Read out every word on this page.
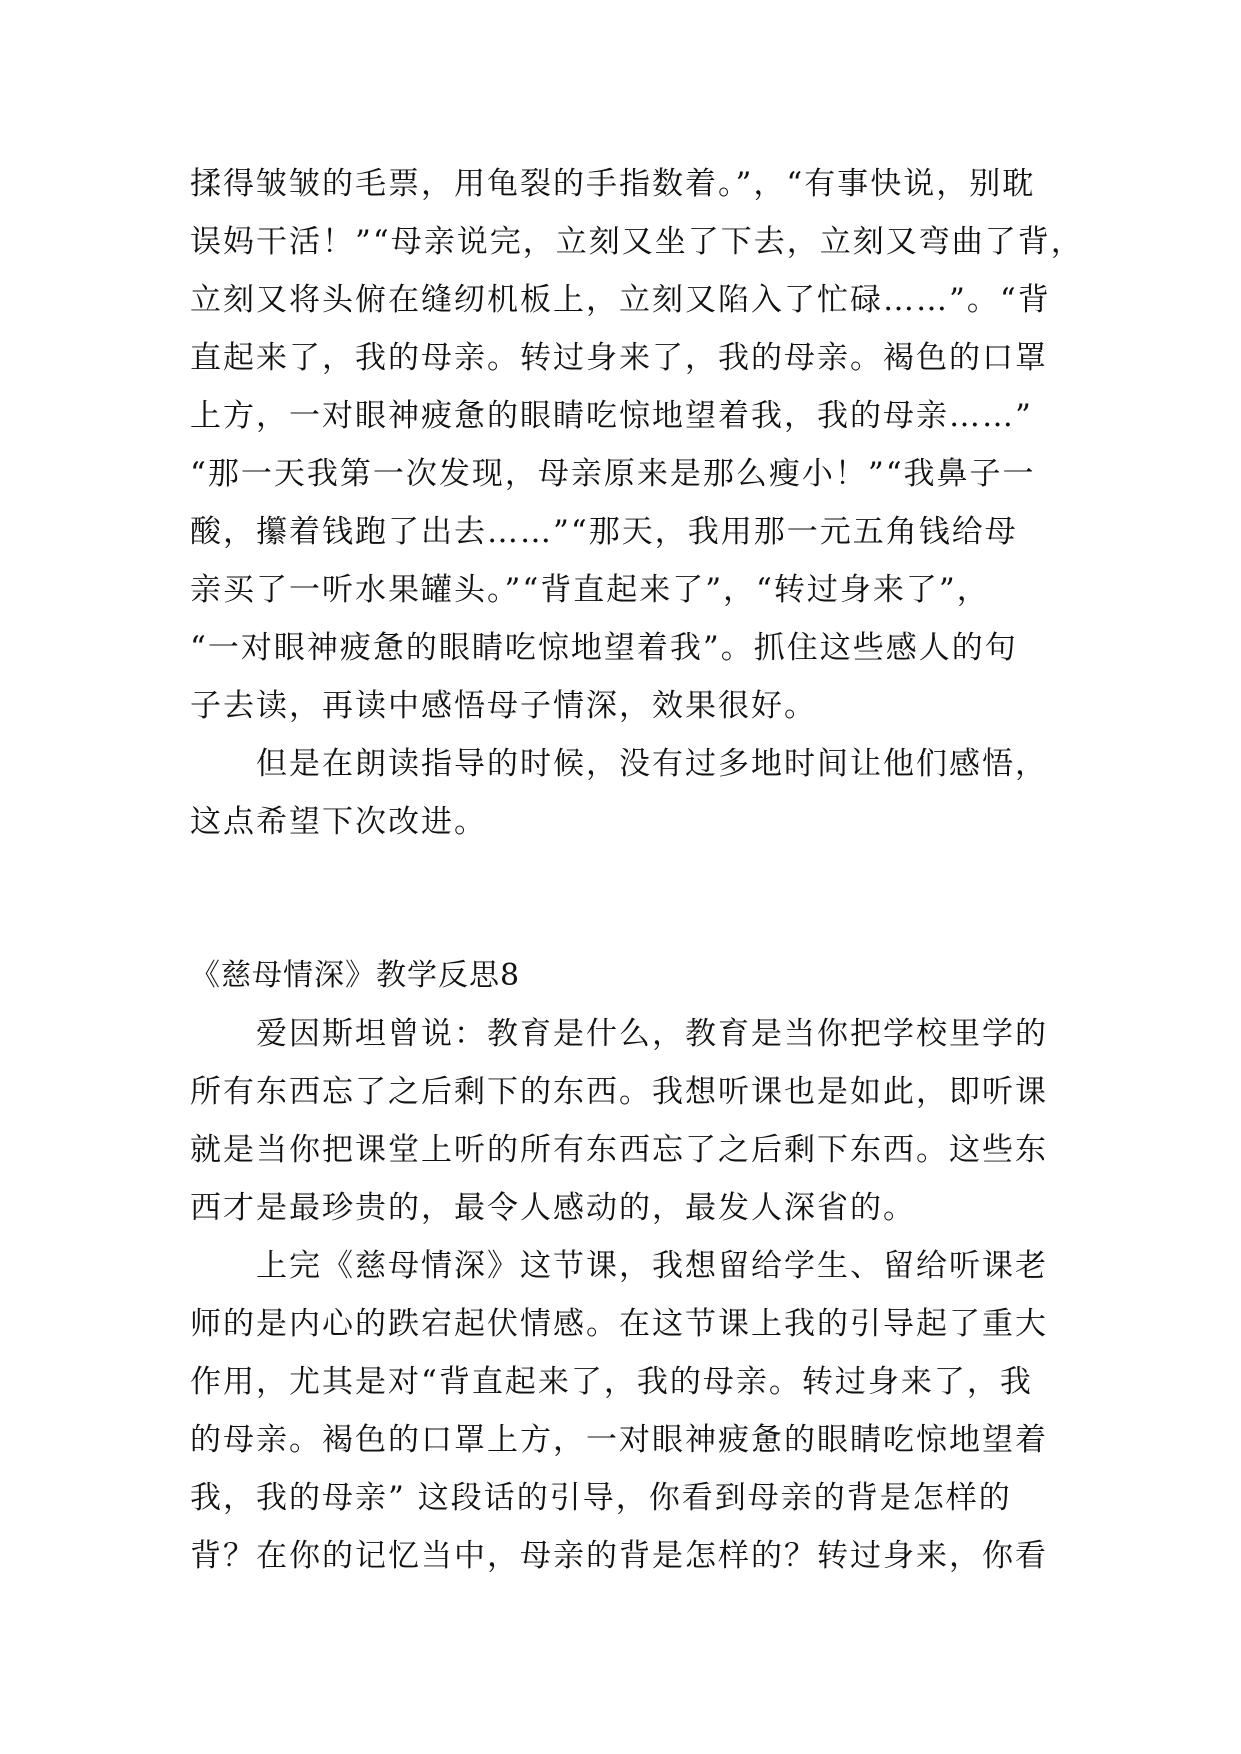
揉得皱皱的毛票，用龟裂的手指数着。”，“有事快说，别耽
误妈干活！”“母亲说完，立刻又坐了下去，立刻又弯曲了背，
立刻又将头俯在缝纫机板上，立刻又陷入了忙碌……”。“背
直起来了，我的母亲。转过身来了，我的母亲。褐色的口罩
上方，一对眼神疲惫的眼睛吃惊地望着我，我的母亲……”
“那一天我第一次发现，母亲原来是那么瘦小！”“我鼻子一
酸，攥着钱跑了出去……”“那天，我用那一元五角钱给母
亲买了一听水果罐头。”“背直起来了”，“转过身来了”，
“一对眼神疲惫的眼睛吃惊地望着我”。抓住这些感人的句
子去读，再读中感悟母子情深，效果很好。
　　但是在朗读指导的时候，没有过多地时间让他们感悟，
这点希望下次改进。
《慈母情深》教学反思8
　　爱因斯坦曾说：教育是什么，教育是当你把学校里学的
所有东西忘了之后剩下的东西。我想听课也是如此，即听课
就是当你把课堂上听的所有东西忘了之后剩下东西。这些东
西才是最珍贵的，最令人感动的，最发人深省的。
　　上完《慈母情深》这节课，我想留给学生、留给听课老
师的是内心的跌宕起伏情感。在这节课上我的引导起了重大
作用，尤其是对“背直起来了，我的母亲。转过身来了，我
的母亲。褐色的口罩上方，一对眼神疲惫的眼睛吃惊地望着
我，我的母亲” 这段话的引导，你看到母亲的背是怎样的
背？在你的记忆当中，母亲的背是怎样的？转过身来，你看
